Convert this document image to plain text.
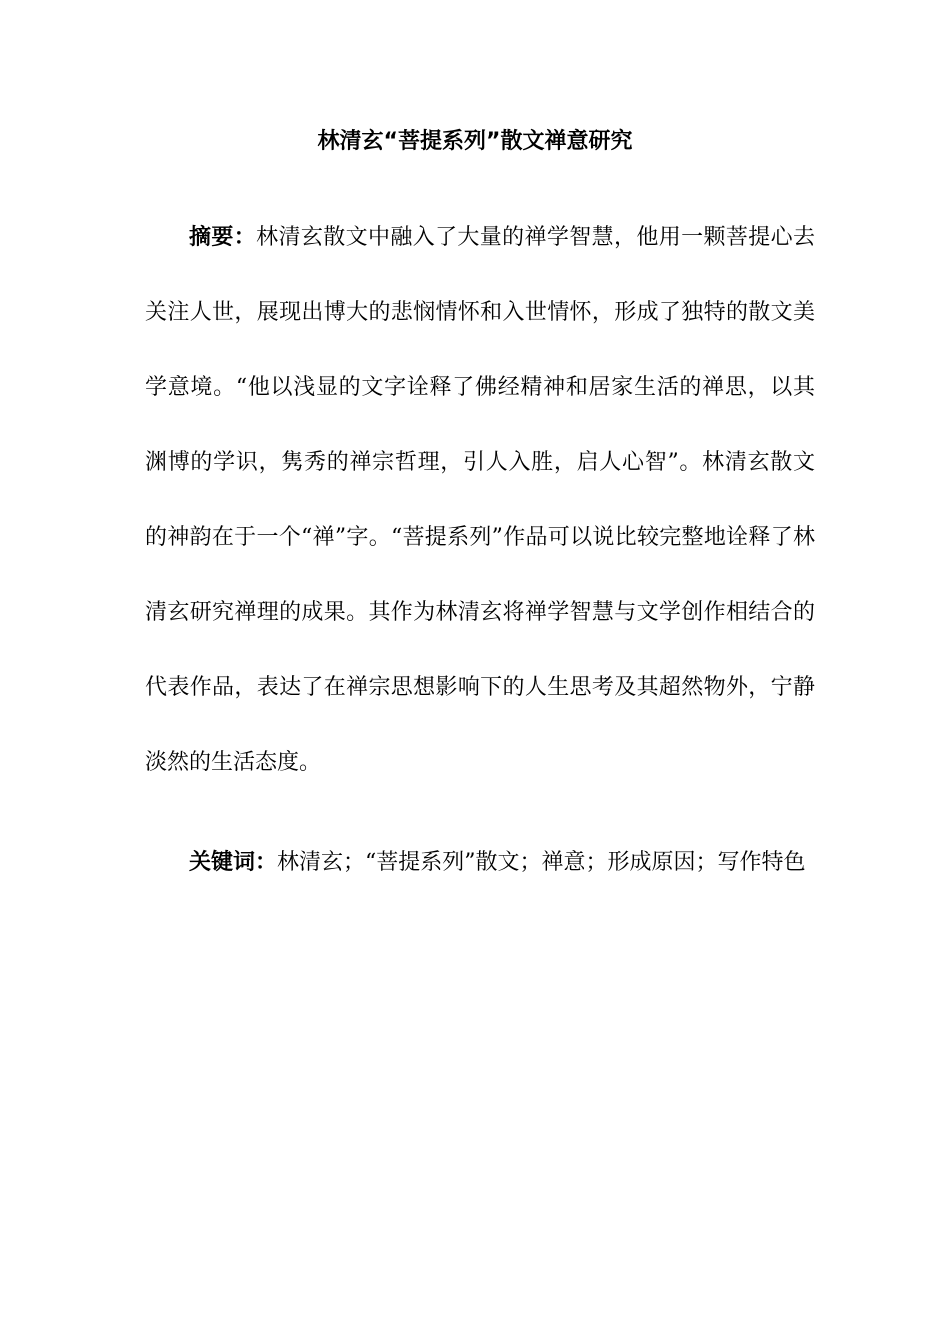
林清玄“菩提系列”散文禅意研究

摘要：林清玄散文中融入了大量的禅学智慧，他用一颗菩提心去关注人世，展现出博大的悲悯情怀和入世情怀，形成了独特的散文美学意境。“他以浅显的文字诠释了佛经精神和居家生活的禅思，以其渊博的学识，隽秀的禅宗哲理，引人入胜，启人心智”。林清玄散文的神韵在于一个“禅”字。“菩提系列”作品可以说比较完整地诠释了林清玄研究禅理的成果。其作为林清玄将禅学智慧与文学创作相结合的代表作品，表达了在禅宗思想影响下的人生思考及其超然物外，宁静淡然的生活态度。

关键词：林清玄；“菩提系列”散文；禅意；形成原因；写作特色
